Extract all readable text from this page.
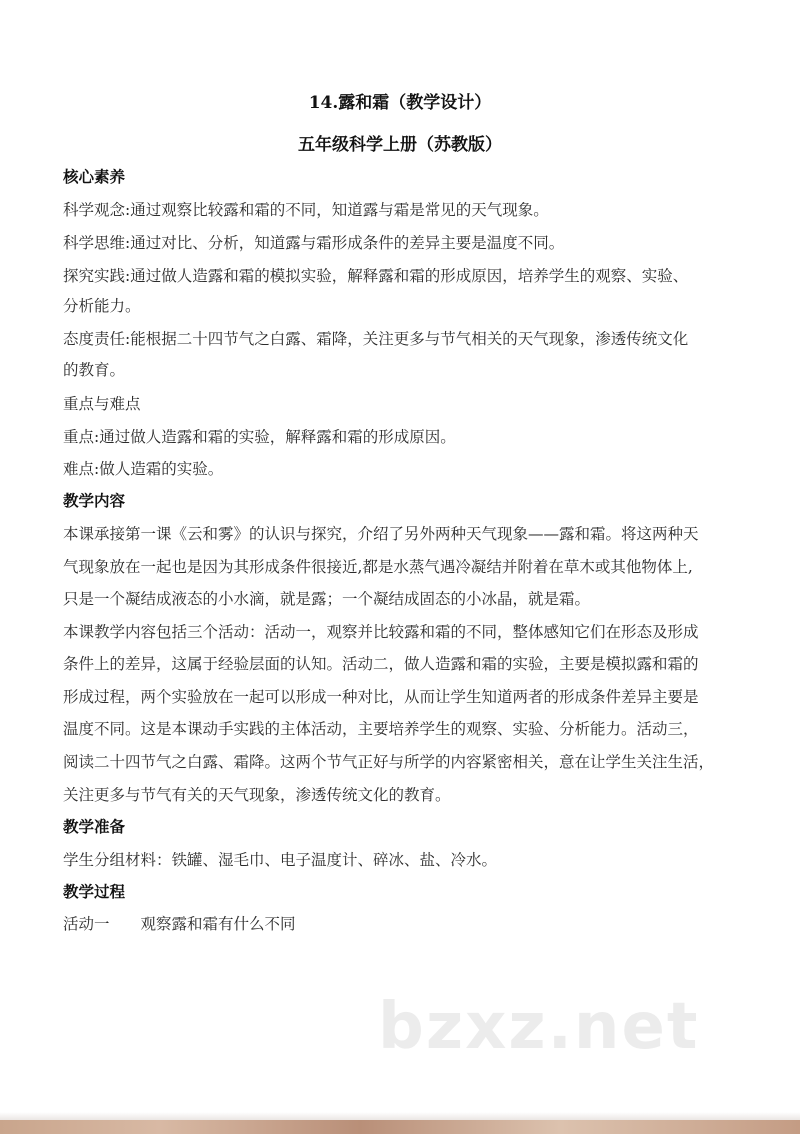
14.露和霜（教学设计）
五年级科学上册（苏教版）
核心素养
科学观念:通过观察比较露和霜的不同，知道露与霜是常见的天气现象。
科学思维:通过对比、分析，知道露与霜形成条件的差异主要是温度不同。
探究实践:通过做人造露和霜的模拟实验，解释露和霜的形成原因，培养学生的观察、实验、
分析能力。
态度责任:能根据二十四节气之白露、霜降，关注更多与节气相关的天气现象，渗透传统文化
的教育。
重点与难点
重点:通过做人造露和霜的实验，解释露和霜的形成原因。
难点:做人造霜的实验。
教学内容
本课承接第一课《云和雾》的认识与探究，介绍了另外两种天气现象——露和霜。将这两种天
气现象放在一起也是因为其形成条件很接近,都是水蒸气遇冷凝结并附着在草木或其他物体上,
只是一个凝结成液态的小水滴，就是露；一个凝结成固态的小冰晶，就是霜。
本课教学内容包括三个活动：活动一，观察并比较露和霜的不同，整体感知它们在形态及形成
条件上的差异，这属于经验层面的认知。活动二，做人造露和霜的实验，主要是模拟露和霜的
形成过程，两个实验放在一起可以形成一种对比，从而让学生知道两者的形成条件差异主要是
温度不同。这是本课动手实践的主体活动，主要培养学生的观察、实验、分析能力。活动三，
阅读二十四节气之白露、霜降。这两个节气正好与所学的内容紧密相关，意在让学生关注生活，
关注更多与节气有关的天气现象，渗透传统文化的教育。
教学准备
学生分组材料：铁罐、湿毛巾、电子温度计、碎冰、盐、冷水。
教学过程
活动一　　观察露和霜有什么不同
bzxz.net
